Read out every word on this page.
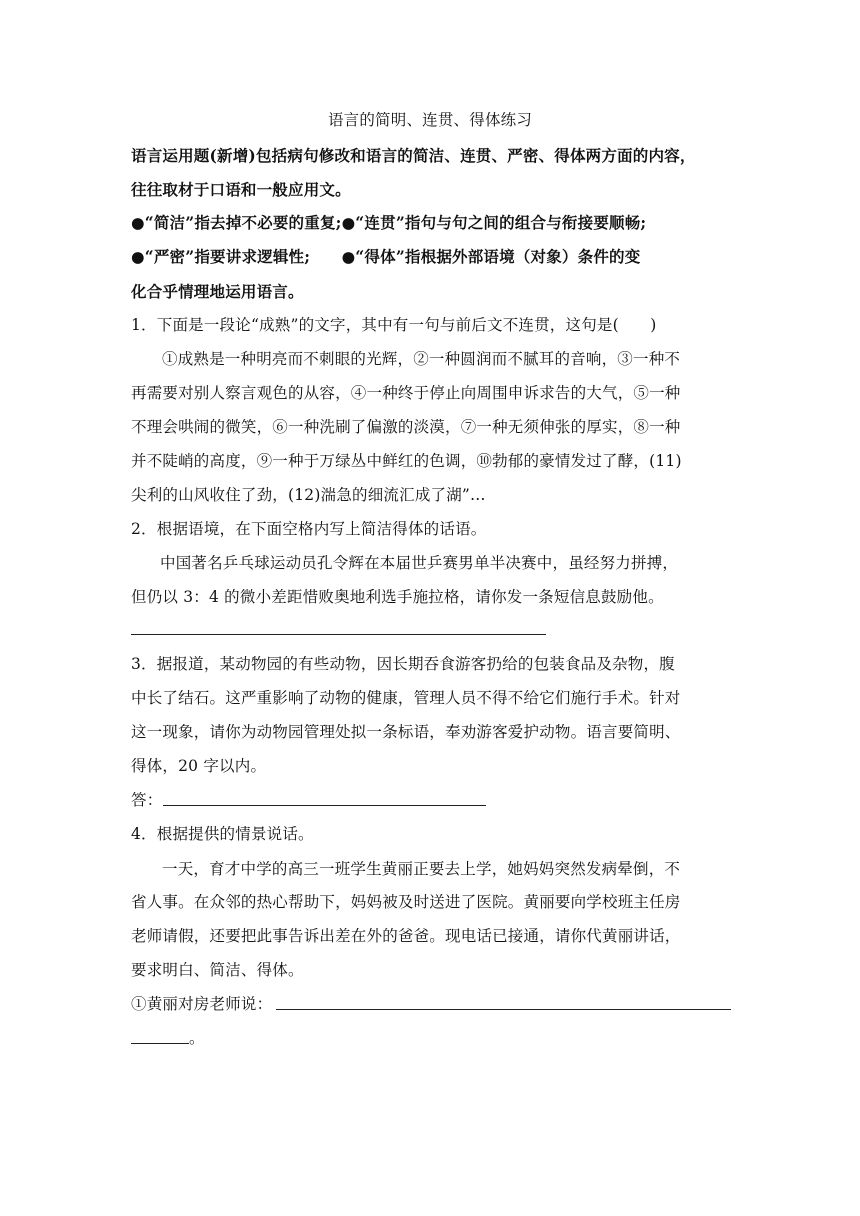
语言的简明、连贯、得体练习
语言运用题(新增)包括病句修改和语言的简洁、连贯、严密、得体两方面的内容，
往往取材于口语和一般应用文。
●“简洁”指去掉不必要的重复;●“连贯”指句与句之间的组合与衔接要顺畅;
●“严密”指要讲求逻辑性;　　●“得体”指根据外部语境（对象）条件的变
化合乎情理地运用语言。
1．下面是一段论“成熟”的文字，其中有一句与前后文不连贯，这句是(　　)
①成熟是一种明亮而不刺眼的光辉，②一种圆润而不腻耳的音响，③一种不
再需要对别人察言观色的从容，④一种终于停止向周围申诉求告的大气，⑤一种
不理会哄闹的微笑，⑥一种洗刷了偏激的淡漠，⑦一种无须伸张的厚实，⑧一种
并不陡峭的高度，⑨一种于万绿丛中鲜红的色调，⑩勃郁的豪情发过了酵，(11)
尖利的山风收住了劲，(12)湍急的细流汇成了湖”…
2．根据语境，在下面空格内写上简洁得体的话语。
中国著名乒乓球运动员孔令辉在本届世乒赛男单半决赛中，虽经努力拼搏，
但仍以 3：4 的微小差距惜败奥地利选手施拉格，请你发一条短信息鼓励他。
3．据报道，某动物园的有些动物，因长期吞食游客扔给的包装食品及杂物，腹
中长了结石。这严重影响了动物的健康，管理人员不得不给它们施行手术。针对
这一现象，请你为动物园管理处拟一条标语，奉劝游客爱护动物。语言要简明、
得体，20 字以内。
答：
4．根据提供的情景说话。
一天，育才中学的高三一班学生黄丽正要去上学，她妈妈突然发病晕倒，不
省人事。在众邻的热心帮助下，妈妈被及时送进了医院。黄丽要向学校班主任房
老师请假，还要把此事告诉出差在外的爸爸。现电话已接通，请你代黄丽讲话，
要求明白、简洁、得体。
①黄丽对房老师说：
。
